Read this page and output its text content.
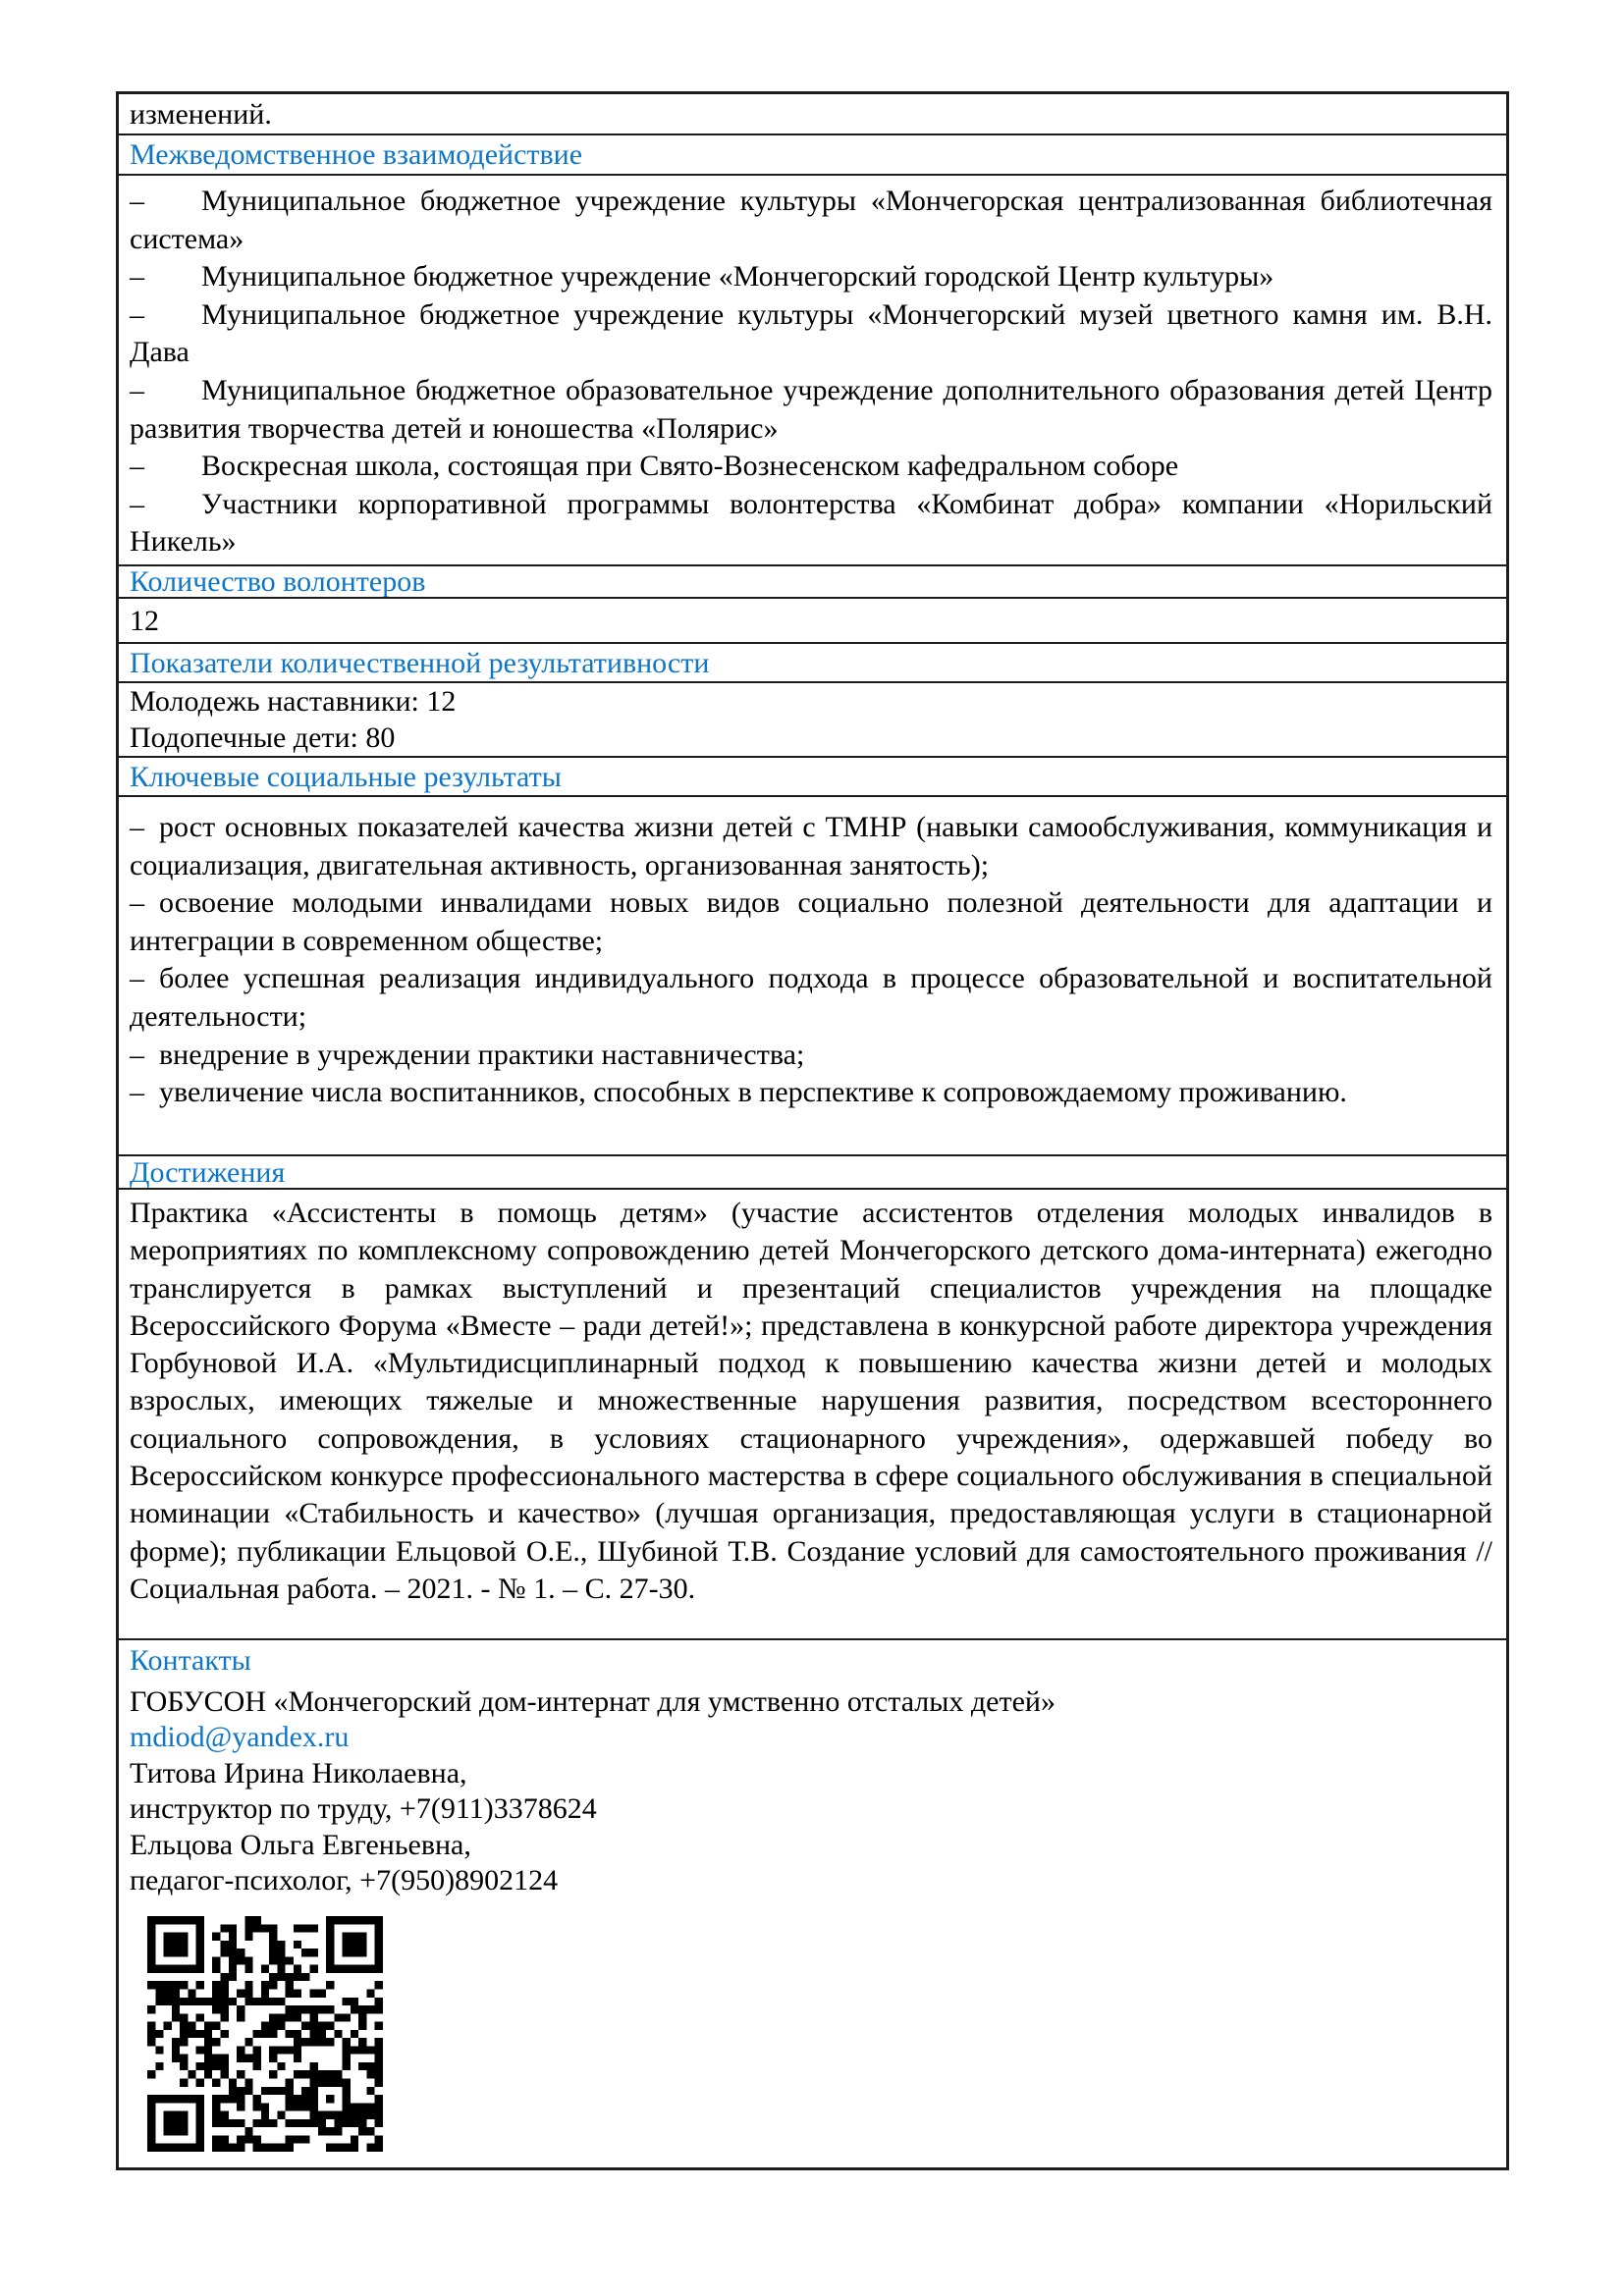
изменений.
Межведомственное взаимодействие
– Муниципальное бюджетное учреждение культуры «Мончегорская централизованная библиотечная система»
– Муниципальное бюджетное учреждение «Мончегорский городской Центр культуры»
– Муниципальное бюджетное учреждение культуры «Мончегорский музей цветного камня им. В.Н. Дава
– Муниципальное бюджетное образовательное учреждение дополнительного образования детей Центр развития творчества детей и юношества «Полярис»
– Воскресная школа, состоящая при Свято-Вознесенском кафедральном соборе
– Участники корпоративной программы волонтерства «Комбинат добра» компании «Норильский Никель»
Количество волонтеров
12
Показатели количественной результативности
Молодежь наставники: 12
Подопечные дети: 80
Ключевые социальные результаты
– рост основных показателей качества жизни детей с ТМНР (навыки самообслуживания, коммуникация и социализация, двигательная активность, организованная занятость);
– освоение молодыми инвалидами новых видов социально полезной деятельности для адаптации и интеграции в современном обществе;
– более успешная реализация индивидуального подхода в процессе образовательной и воспитательной деятельности;
– внедрение в учреждении практики наставничества;
– увеличение числа воспитанников, способных в перспективе к сопровождаемому проживанию.
Достижения

Практика «Ассистенты в помощь детям» (участие ассистентов отделения молодых инвалидов в мероприятиях по комплексному сопровождению детей Мончегорского детского дома-интерната) ежегодно транслируется в рамках выступлений и презентаций специалистов учреждения на площадке Всероссийского Форума «Вместе – ради детей!»; представлена в конкурсной работе директора учреждения Горбуновой И.А. «Мультидисциплинарный подход к повышению качества жизни детей и молодых взрослых, имеющих тяжелые и множественные нарушения развития, посредством всестороннего социального сопровождения, в условиях стационарного учреждения», одержавшей победу во Всероссийском конкурсе профессионального мастерства в сфере социального обслуживания в специальной номинации «Стабильность и качество» (лучшая организация, предоставляющая услуги в стационарной форме); публикации Ельцовой О.Е., Шубиной Т.В. Создание условий для самостоятельного проживания // Социальная работа. – 2021. - № 1. – С. 27-30.

Контакты
ГОБУСОН «Мончегорский дом-интернат для умственно отсталых детей»
mdiod@yandex.ru
Титова Ирина Николаевна,
инструктор по труду, +7(911)3378624
Ельцова Ольга Евгеньевна,
педагог-психолог, +7(950)8902124
